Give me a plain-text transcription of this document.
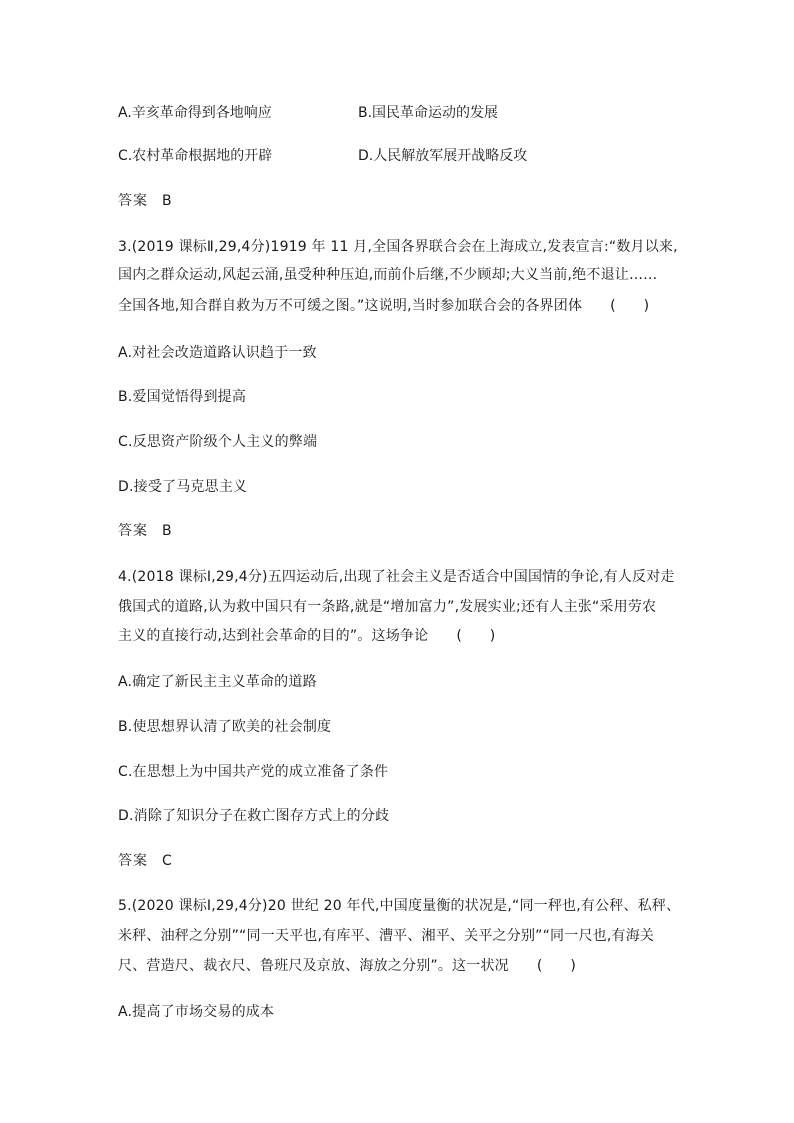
A.辛亥革命得到各地响应	B.国民革命运动的发展
C.农村革命根据地的开辟	D.人民解放军展开战略反攻
答案 B
3.(2019 课标Ⅱ,29,4分)1919 年 11 月,全国各界联合会在上海成立,发表宣言:“数月以来,
国内之群众运动,风起云涌,虽受种种压迫,而前仆后继,不少顾却;大义当前,绝不退让……
全国各地,知合群自救为万不可缓之图。”这说明,当时参加联合会的各界团体 (　　)
A.对社会改造道路认识趋于一致
B.爱国觉悟得到提高
C.反思资产阶级个人主义的弊端
D.接受了马克思主义
答案 B
4.(2018 课标Ⅰ,29,4分)五四运动后,出现了社会主义是否适合中国国情的争论,有人反对走
俄国式的道路,认为救中国只有一条路,就是“增加富力”,发展实业;还有人主张“采用劳农
主义的直接行动,达到社会革命的目的”。这场争论 (　　)
A.确定了新民主主义革命的道路
B.使思想界认清了欧美的社会制度
C.在思想上为中国共产党的成立准备了条件
D.消除了知识分子在救亡图存方式上的分歧
答案 C
5.(2020 课标Ⅰ,29,4分)20 世纪 20 年代,中国度量衡的状况是,“同一秤也,有公秤、私秤、
米秤、油秤之分别”“同一天平也,有库平、漕平、湘平、关平之分别”“同一尺也,有海关
尺、营造尺、裁衣尺、鲁班尺及京放、海放之分别”。这一状况 (　　)
A.提高了市场交易的成本
